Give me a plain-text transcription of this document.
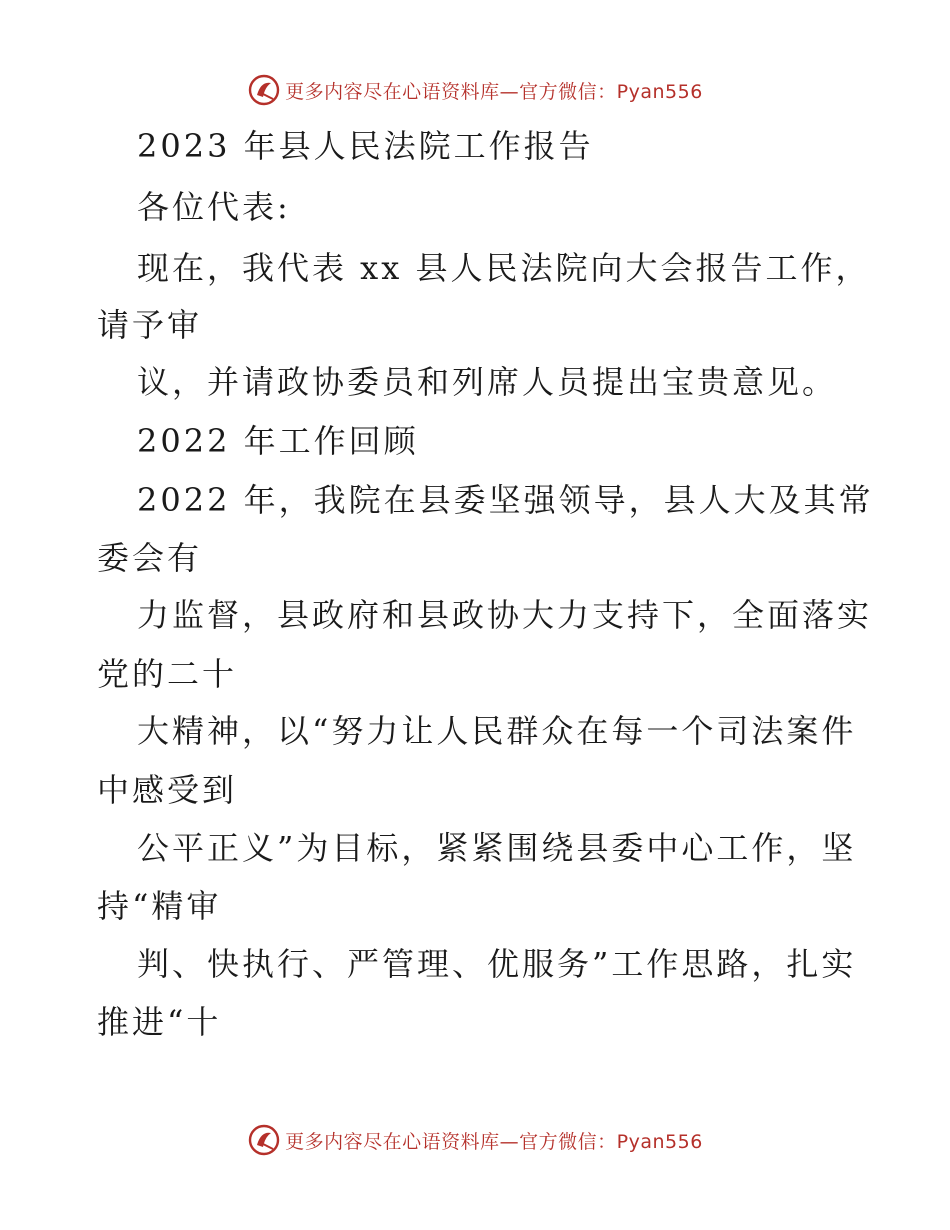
更多内容尽在心语资料库—官方微信：Pyan556
2023 年县人民法院工作报告
各位代表:
现在，我代表 xx 县人民法院向大会报告工作，
请予审
议，并请政协委员和列席人员提出宝贵意见。
2022 年工作回顾
2022 年，我院在县委坚强领导，县人大及其常
委会有
力监督，县政府和县政协大力支持下，全面落实
党的二十
大精神，以“努力让人民群众在每一个司法案件
中感受到
公平正义”为目标，紧紧围绕县委中心工作，坚
持“精审
判、快执行、严管理、优服务”工作思路，扎实
推进“十
更多内容尽在心语资料库—官方微信：Pyan556
